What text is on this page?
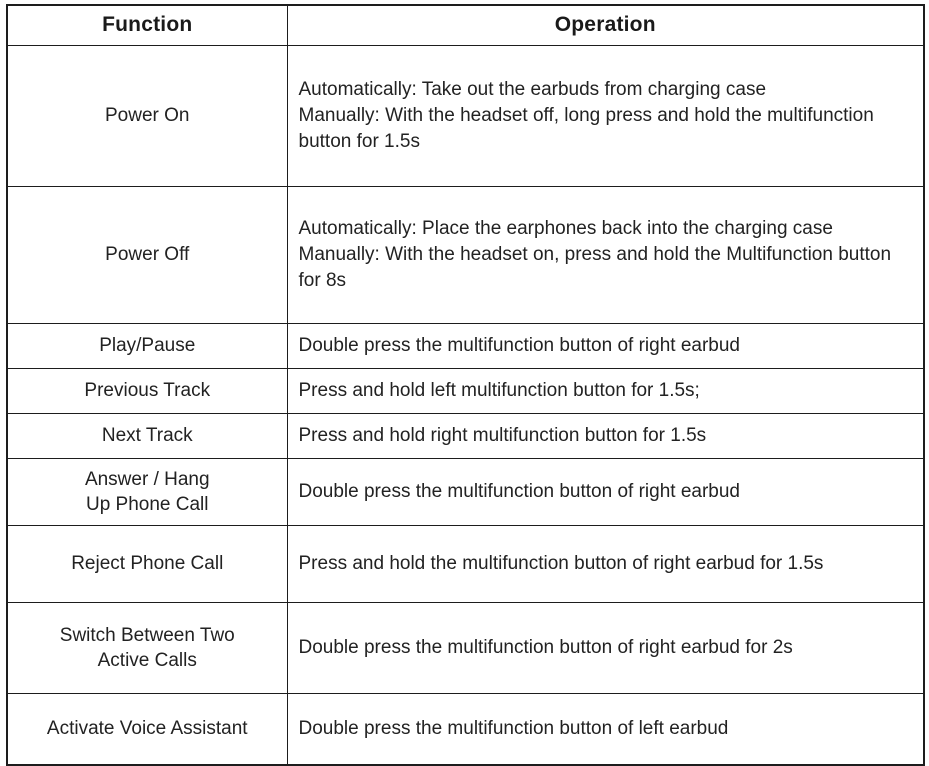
Function	Operation

Power On	Automatically: Take out the earbuds from charging case
Manually: With the headset off, long press and hold the multifunction button for 1.5s

Power Off	Automatically: Place the earphones back into the charging case
Manually: With the headset on, press and hold the Multifunction button for 8s

Play/Pause	Double press the multifunction button of right earbud

Previous Track	Press and hold left multifunction button for 1.5s;

Next Track	Press and hold right multifunction button for 1.5s

Answer / Hang
Up Phone Call	Double press the multifunction button of right earbud

Reject Phone Call	Press and hold the multifunction button of right earbud for 1.5s

Switch Between Two
Active Calls	Double press the multifunction button of right earbud for 2s

Activate Voice Assistant	Double press the multifunction button of left earbud
